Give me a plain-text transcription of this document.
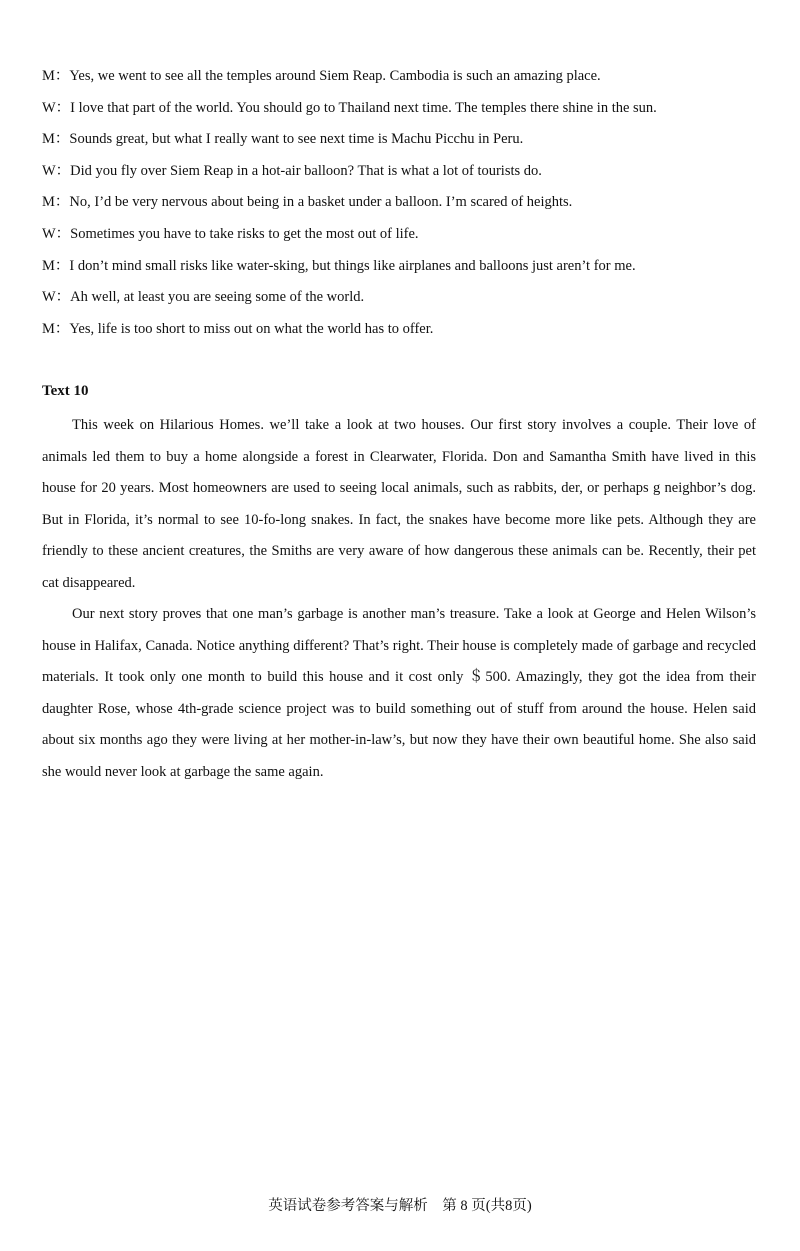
M：Yes, we went to see all the temples around Siem Reap. Cambodia is such an amazing place.
W：I love that part of the world. You should go to Thailand next time. The temples there shine in the sun.
M：Sounds great, but what I really want to see next time is Machu Picchu in Peru.
W：Did you fly over Siem Reap in a hot-air balloon? That is what a lot of tourists do.
M：No, I’d be very nervous about being in a basket under a balloon. I’m scared of heights.
W：Sometimes you have to take risks to get the most out of life.
M：I don’t mind small risks like water-sking, but things like airplanes and balloons just aren’t for me.
W：Ah well, at least you are seeing some of the world.
M：Yes, life is too short to miss out on what the world has to offer.
Text 10

This week on Hilarious Homes. we’ll take a look at two houses. Our first story involves a couple. Their love of animals led them to buy a home alongside a forest in Clearwater, Florida. Don and Samantha Smith have lived in this house for 20 years. Most homeowners are used to seeing local animals, such as rabbits, der, or perhaps g neighbor’s dog. But in Florida, it’s normal to see 10-fo-long snakes. In fact, the snakes have become more like pets. Although they are friendly to these ancient creatures, the Smiths are very aware of how dangerous these animals can be. Recently, their pet cat disappeared.

Our next story proves that one man’s garbage is another man’s treasure. Take a look at George and Helen Wilson’s house in Halifax, Canada. Notice anything different? That’s right. Their house is completely made of garbage and recycled materials. It took only one month to build this house and it cost only ＄500. Amazingly, they got the idea from their daughter Rose, whose 4th-grade science project was to build something out of stuff from around the house. Helen said about six months ago they were living at her mother-in-law’s, but now they have their own beautiful home. She also said she would never look at garbage the same again.

英语试卷参考答案与解析　第 8 页(共8页)
